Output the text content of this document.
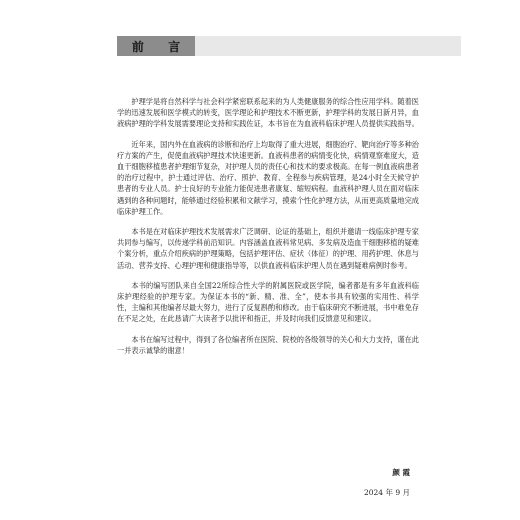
前 言

护理学是将自然科学与社会科学紧密联系起来的为人类健康服务的综合性应用学科。随着医学的迅速发展和医学模式的转变，医学理论和护理技术不断更新，护理学科的发展日新月异，血液病护理的学科发展需要理论支持和实践佐证，本书旨在为血液科临床护理人员提供实践指导。

近年来，国内外在血液病的诊断和治疗上均取得了重大进展，细胞治疗、靶向治疗等多种治疗方案的产生，促使血液病护理技术快速更新。血液科患者的病情变化快，病情观察难度大，造血干细胞移植患者护理细节复杂，对护理人员的责任心和技术的要求极高。在每一例血液病患者的治疗过程中，护士通过评估、治疗、照护、教育、全程参与疾病管理，是24小时全天候守护患者的专业人员。护士良好的专业能力能促进患者康复、缩短病程。血液科护理人员在面对临床遇到的各种问题时，能够通过经验积累和文献学习，摸索个性化护理方法，从而更高质量地完成临床护理工作。

本书是在对临床护理技术发展需求广泛调研、论证的基础上，组织并邀请一线临床护理专家共同参与编写，以传递学科前沿知识。内容涵盖血液科常见病、多发病及造血干细胞移植的疑难个案分析，重点介绍疾病的护理策略，包括护理评估、症状（体征）的护理、用药护理、休息与活动、营养支持、心理护理和健康指导等，以供血液科临床护理人员在遇到疑难病例时参考。

本书的编写团队来自全国22所综合性大学的附属医院或医学院，编者都是有多年血液科临床护理经验的护理专家。为保证本书的“新、精、准、全”，使本书具有较强的实用性、科学性，主编和其他编者尽最大努力，进行了反复斟酌和修改。由于临床研究不断进展，书中难免存在不足之处，在此恳请广大读者予以批评和指正，并及时向我们反馈意见和建议。

本书在编写过程中，得到了各位编者所在医院、院校的各级领导的关心和大力支持，谨在此一并表示诚挚的谢意！

颜 霞
2024 年 9 月
